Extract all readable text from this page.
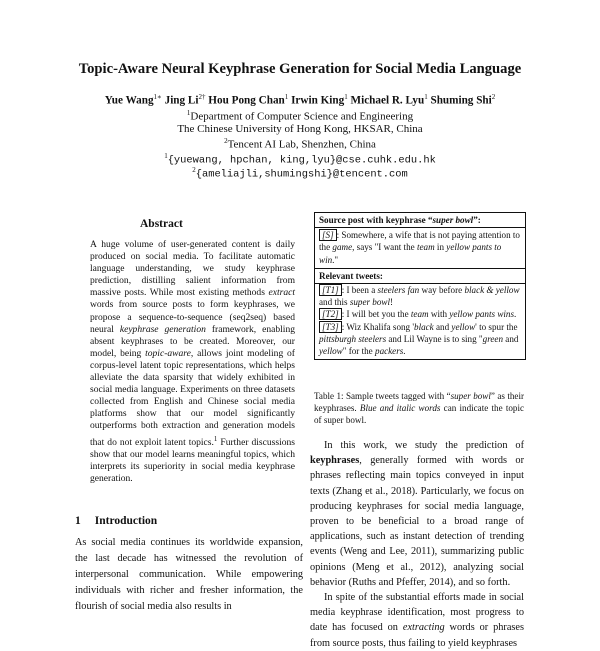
Topic-Aware Neural Keyphrase Generation for Social Media Language
Yue Wang$^{1∗}$ Jing $Li^{2\dagger}$ Hou Pong Chan$^1$ Irwin King$^1$ Michael R. Lyu$^1$ Shuming Shi$^2$
$^1$Department of Computer Science and Engineering
The Chinese University of Hong Kong, HKSAR, China
$^2$Tencent AI Lab, Shenzhen, China
$^1${yuewang, hpchan, king,lyu}@cse.cuhk.edu.hk
$^2${ameliajli,shumingshi}@tencent.com
Abstract

A huge volume of user-generated content is daily produced on social media. To facilitate automatic language understanding, we study keyphrase prediction, distilling salient information from massive posts. While most existing methods extract words from source posts to form keyphrases, we propose a sequence-to-sequence (seq2seq) based neural keyphrase generation framework, enabling absent keyphrases to be created. Moreover, our model, being topic-aware, allows joint modeling of corpus-level latent topic representations, which helps alleviate the data sparsity that widely exhibited in social media language. Experiments on three datasets collected from English and Chinese social media platforms show that our model significantly outperforms both extraction and generation models that do not exploit latent topics.$^1$ Further discussions show that our model learns meaningful topics, which interprets its superiority in social media keyphrase generation.

1 Introduction

As social media continues its worldwide expansion, the last decade has witnessed the revolution of interpersonal communication. While empowering individuals with richer and fresher information, the flourish of social media also results in

Source post with keyphrase “super bowl”:
[S] : Somewhere, a wife that is not paying attention to the game, says "I want the team in yellow pants to win."
Relevant tweets:
[T1] : I been a steelers fan way before black & yellow and this super bowl!
[T2] : I will bet you the team with yellow pants wins.
[T3] : Wiz Khalifa song 'black and yellow' to spur the pittsburgh steelers and Lil Wayne is to sing "green and yellow" for the packers.
Table 1: Sample tweets tagged with “super bowl” as their keyphrases. Blue and italic words can indicate the topic of super bowl.

In this work, we study the prediction of keyphrases, generally formed with words or phrases reflecting main topics conveyed in input texts (Zhang et al., 2018). Particularly, we focus on producing keyphrases for social media language, proven to be beneficial to a broad range of applications, such as instant detection of trending events (Weng and Lee, 2011), summarizing public opinions (Meng et al., 2012), analyzing social behavior (Ruths and Pfeffer, 2014), and so forth.

In spite of the substantial efforts made in social media keyphrase identification, most progress to date has focused on extracting words or phrases from source posts, thus failing to yield keyphrases
